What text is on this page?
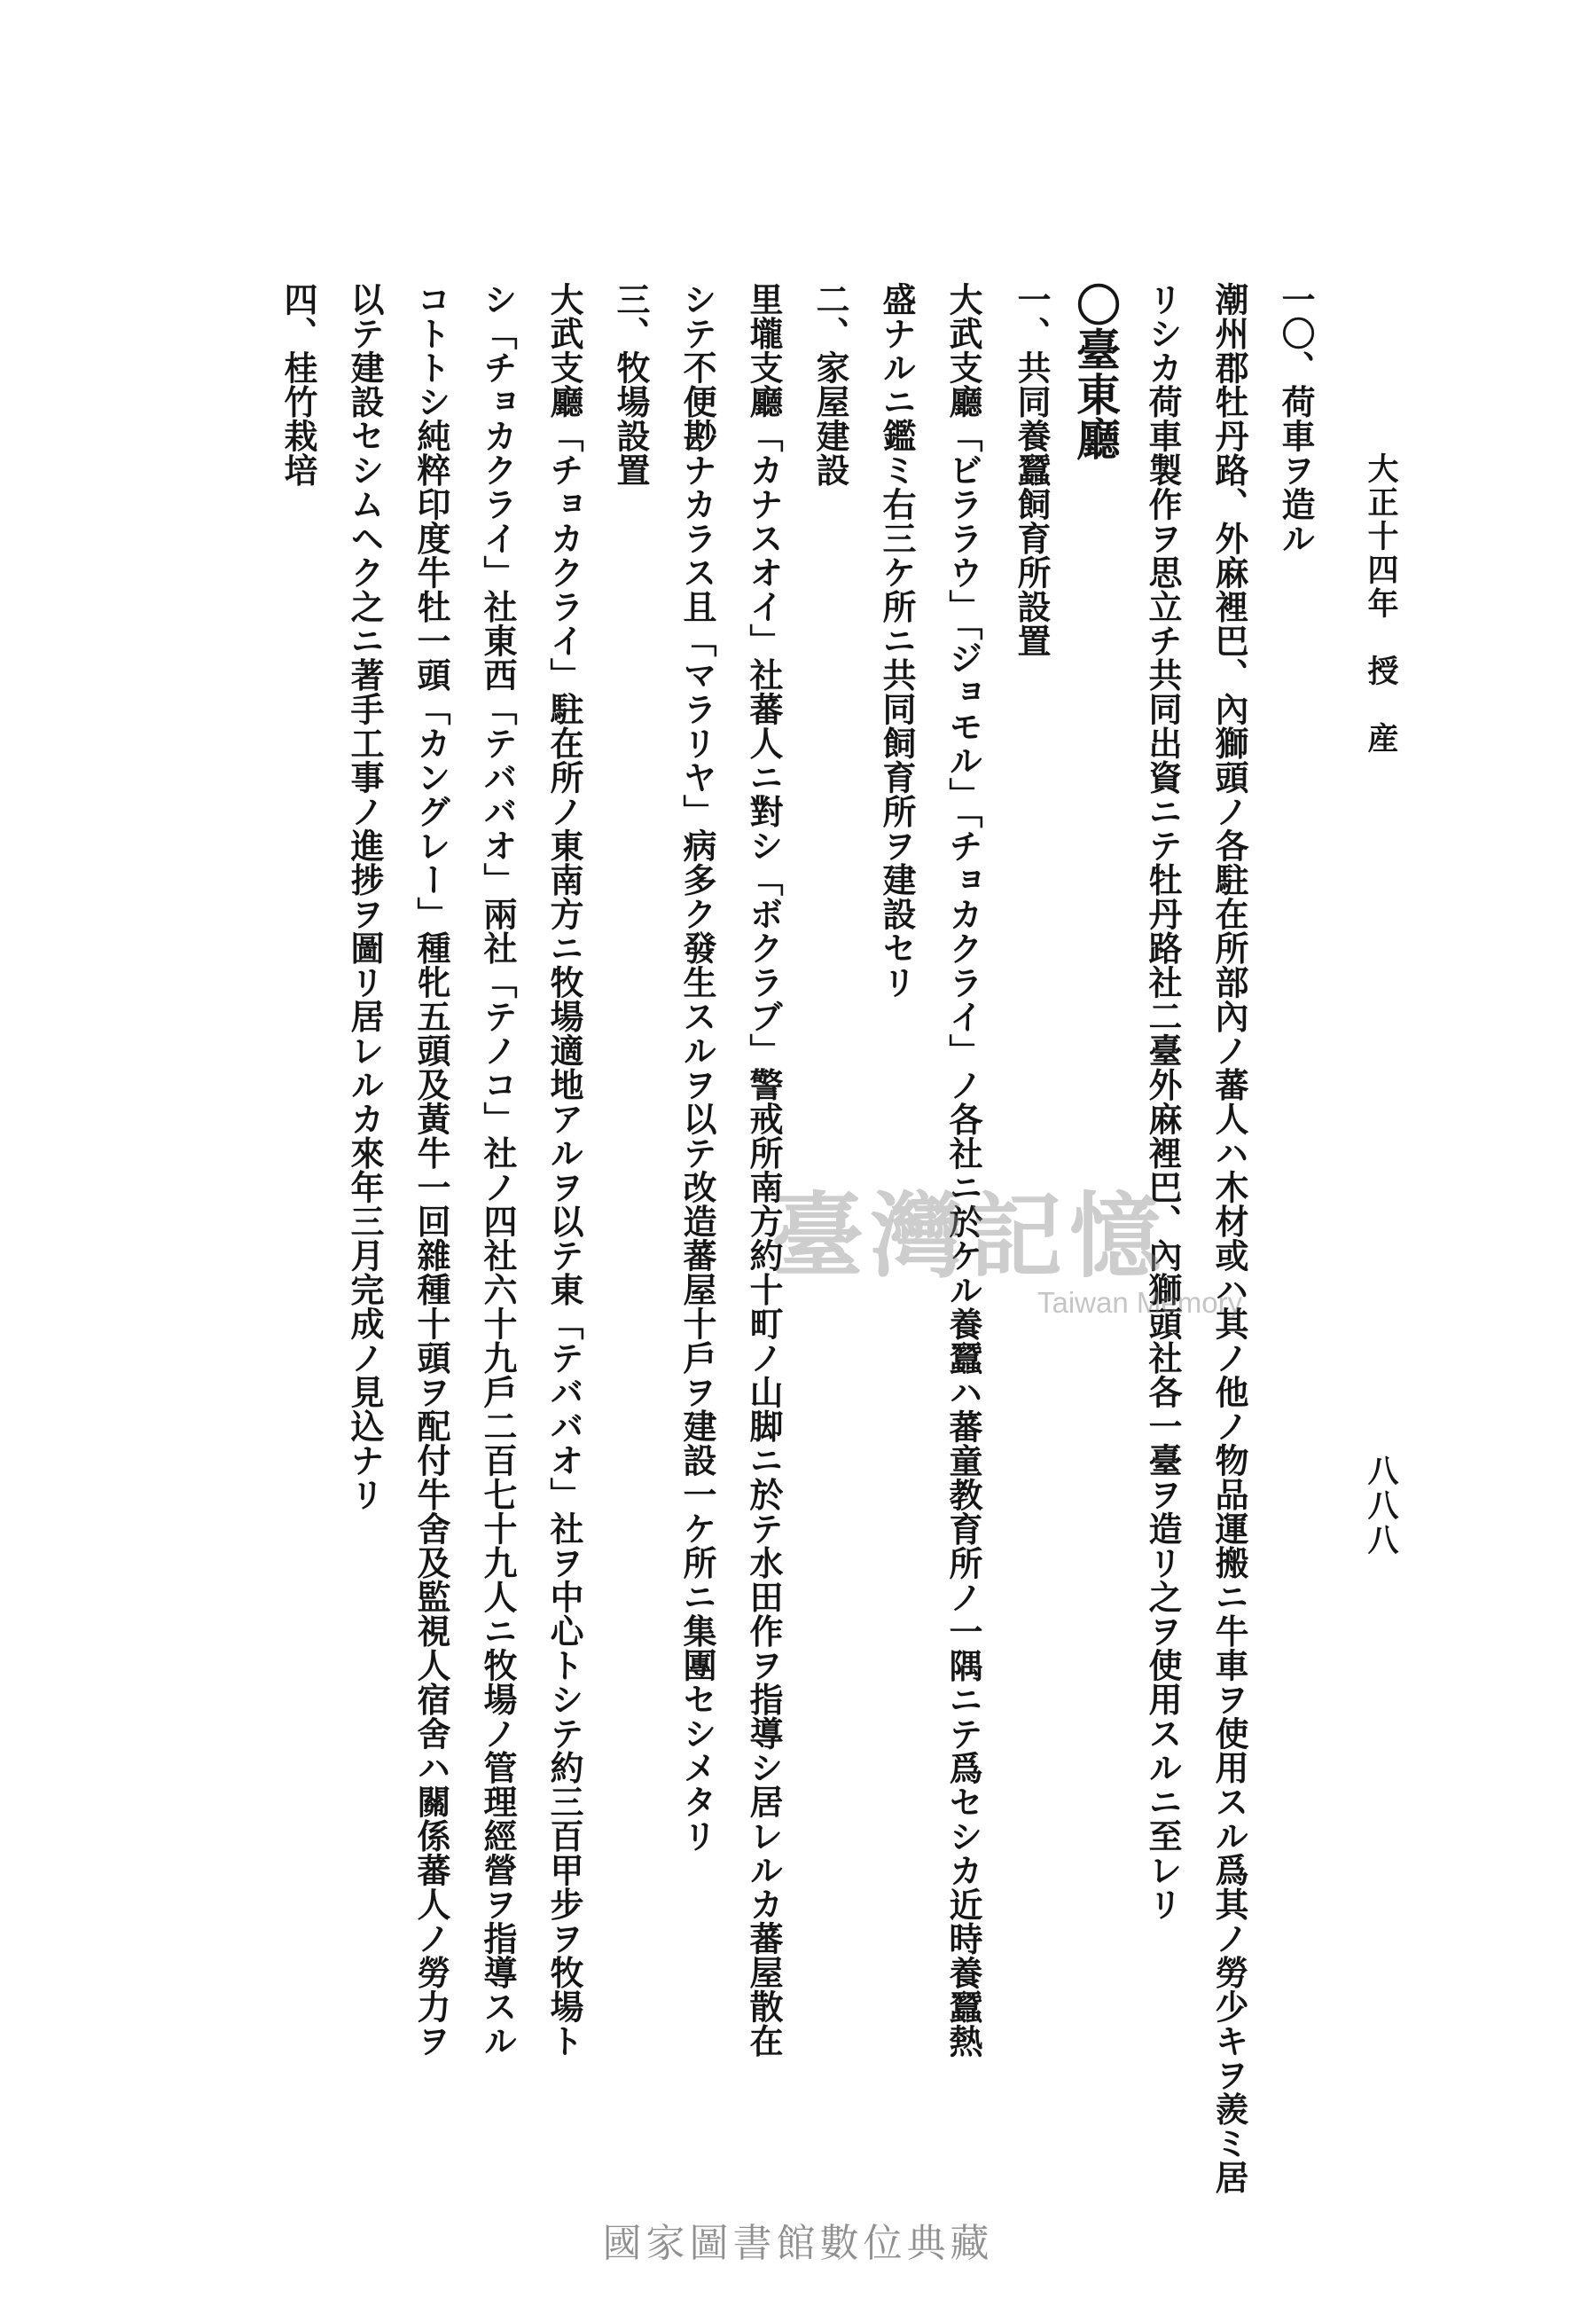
大正十四年　授　産
八八八
一〇、荷車ヲ造ル
潮州郡牡丹路、外麻裡巴、內獅頭ノ各駐在所部內ノ蕃人ハ木材或ハ其ノ他ノ物品運搬ニ牛車ヲ使用スル爲其ノ勞少キヲ羨ミ居
リシカ荷車製作ヲ思立チ共同出資ニテ牡丹路社二臺外麻裡巴、內獅頭社各一臺ヲ造リ之ヲ使用スルニ至レリ
〇臺東廳
一、共同養蠶飼育所設置
大武支廳「ビララウ」「ジョモル」「チョカクライ」ノ各社ニ於ケル養蠶ハ蕃童教育所ノ一隅ニテ爲セシカ近時養蠶熱
盛ナルニ鑑ミ右三ケ所ニ共同飼育所ヲ建設セリ
二、家屋建設
里壠支廳「カナスオイ」社蕃人ニ對シ「ボクラブ」警戒所南方約十町ノ山脚ニ於テ水田作ヲ指導シ居レルカ蕃屋散在
シテ不便尠ナカラス且「マラリヤ」病多ク發生スルヲ以テ改造蕃屋十戶ヲ建設一ケ所ニ集團セシメタリ
三、牧場設置
大武支廳「チョカクライ」駐在所ノ東南方ニ牧場適地アルヲ以テ東「テババオ」社ヲ中心トシテ約三百甲步ヲ牧場ト
シ「チョカクライ」社東西「テババオ」兩社「テノコ」社ノ四社六十九戶二百七十九人ニ牧場ノ管理經營ヲ指導スル
コトトシ純粹印度牛牡一頭「カングレー」種牝五頭及黃牛一回雜種十頭ヲ配付牛舍及監視人宿舍ハ關係蕃人ノ勞力ヲ
以テ建設セシムヘク之ニ著手工事ノ進捗ヲ圖リ居レルカ來年三月完成ノ見込ナリ
四、桂竹栽培
臺灣記憶
Taiwan Memory
國家圖書館數位典藏
